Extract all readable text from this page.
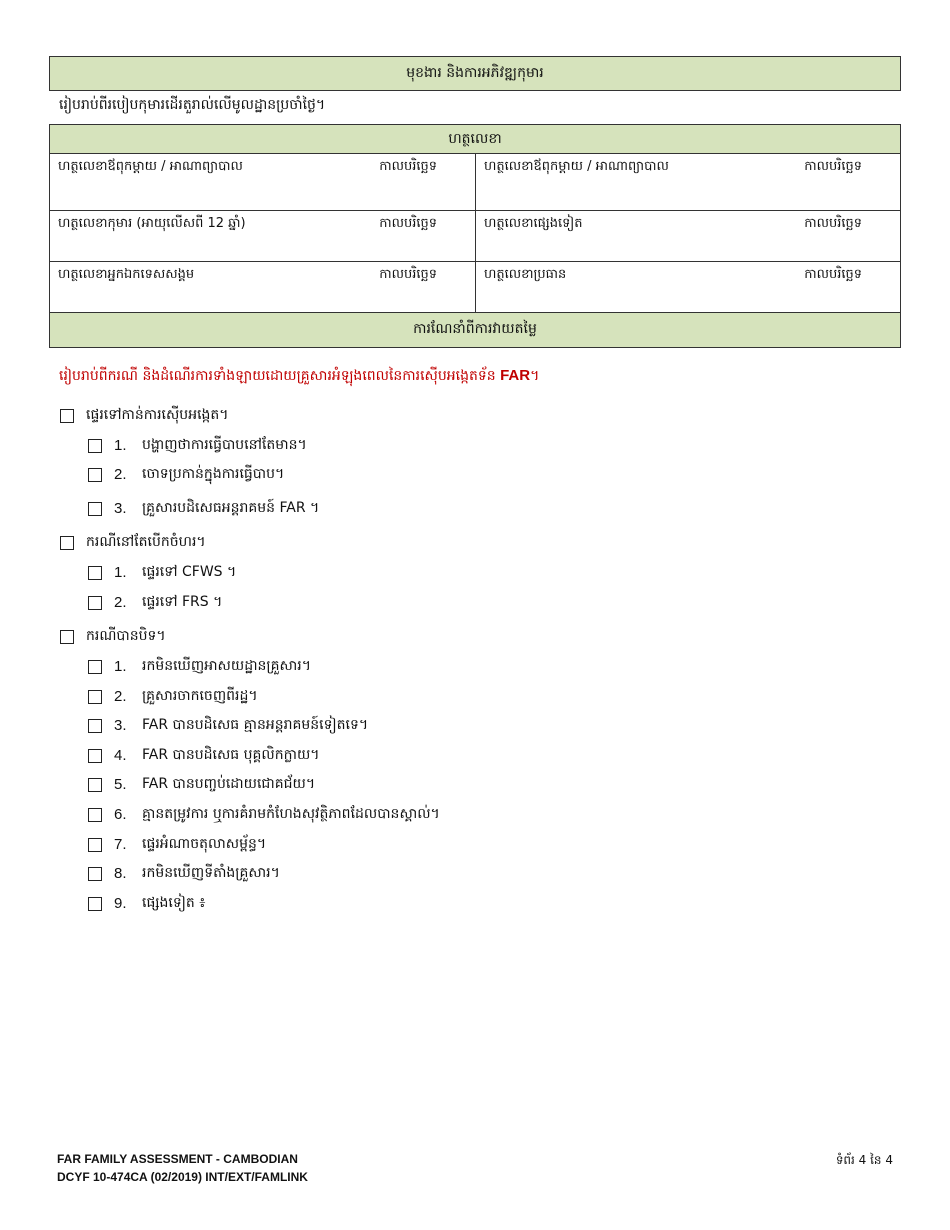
មុខងារ និងការអភិវឌ្ឍកុមារ
រៀបរាប់ពីរបៀបកុមារដើរតួរាល់លើមូលដ្ឋានប្រចាំថ្ងៃ។
ហត្ថលេខា
ហត្ថលេខាឪពុកម្ដាយ / អាណាព្យាបាល	កាលបរិច្ឆេទ	ហត្ថលេខាឪពុកម្ដាយ / អាណាព្យាបាល	កាលបរិច្ឆេទ
ហត្ថលេខាកុមារ (អាយុលើសពី 12 ឆ្នាំ)	កាលបរិច្ឆេទ	ហត្ថលេខាផ្សេងទៀត	កាលបរិច្ឆេទ
ហត្ថលេខាអ្នកឯកទេសសង្គម	កាលបរិច្ឆេទ	ហត្ថលេខាប្រធាន	កាលបរិច្ឆេទ
ការណែនាំពីការវាយតម្លៃ
រៀបរាប់ពីករណី និងដំណើរការទាំងឡាយដោយគ្រួសារអំឡុងពេលនៃការស៊ើបអង្កេតទ័ន FAR។
ផ្ទេរទៅកាន់ការស៊ើបអង្កេត។
1. បង្ហាញថាការធ្វើបាបនៅតែមាន។
2. ចោទប្រកាន់ក្នុងការធ្វើបាប។
3. គ្រួសារបដិសេធអន្តរាគមន៍ FAR ។
ករណីនៅតែបើកចំហរ។
1. ផ្ទេរទៅ CFWS ។
2. ផ្ទេរទៅ FRS ។
ករណីបានបិទ។
1. រកមិនឃើញអាសយដ្ឋានគ្រួសារ។
2. គ្រួសារចាកចេញពីរដ្ឋ។
3. FAR បានបដិសេធ គ្មានអន្តរាគមន៍ទៀតទេ។
4. FAR បានបដិសេធ បុគ្គលិកក្លាយ។
5. FAR បានបញ្ចប់ដោយជោគជ័យ។
6. គ្មានតម្រូវការ ឬការគំរាមកំហែងសុវត្ថិភាពដែលបានស្គាល់។
7. ផ្ទេរអំណាចតុលាសម្ព័ន្ធ។
8. រកមិនឃើញទីតាំងគ្រួសារ។
9. ផ្សេងទៀត ៖
FAR FAMILY ASSESSMENT - CAMBODIAN
DCYF 10-474CA (02/2019) INT/EXT/FAMLINK
ទំព័រ 4 នៃ 4
